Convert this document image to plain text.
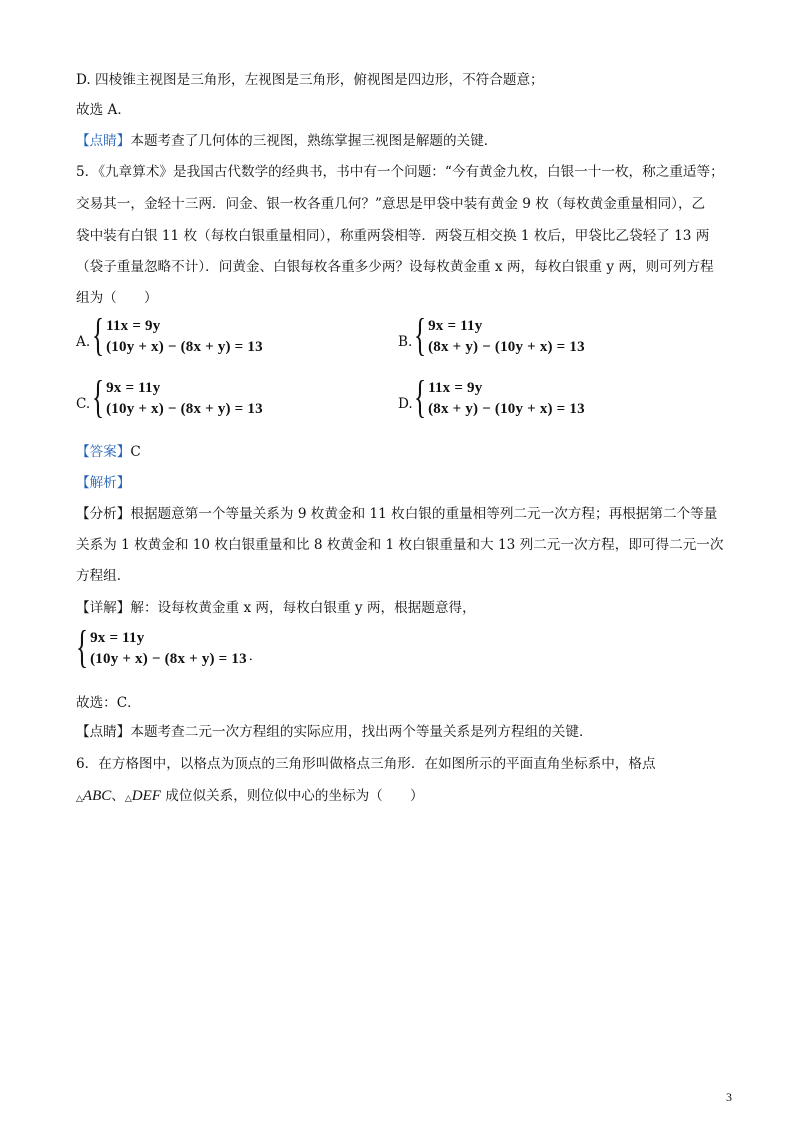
D. 四棱锥主视图是三角形，左视图是三角形，俯视图是四边形，不符合题意；
故选 A．
【点睛】本题考查了几何体的三视图，熟练掌握三视图是解题的关键．
5．《九章算术》是我国古代数学的经典书，书中有一个问题：“今有黄金九枚，白银一十一枚，称之重适等；
交易其一，金轻十三两．问金、银一枚各重几何？”意思是甲袋中装有黄金 9 枚（每枚黄金重量相同），乙
袋中装有白银 11 枚（每枚白银重量相同），称重两袋相等．两袋互相交换 1 枚后，甲袋比乙袋轻了 13 两
（袋子重量忽略不计）．问黄金、白银每枚各重多少两？设每枚黄金重 x 两，每枚白银重 y 两，则可列方程
组为（　　）
A. { 11x = 9y
(10y + x) − (8x + y) = 13	B. { 9x = 11y
(8x + y) − (10y + x) = 13
C. { 9x = 11y
(10y + x) − (8x + y) = 13	D. { 11x = 9y
(8x + y) − (10y + x) = 13
【答案】C
【解析】
【分析】根据题意第一个等量关系为 9 枚黄金和 11 枚白银的重量相等列二元一次方程；再根据第二个等量
关系为 1 枚黄金和 10 枚白银重量和比 8 枚黄金和 1 枚白银重量和大 13 列二元一次方程，即可得二元一次
方程组．
【详解】解：设每枚黄金重 x 两，每枚白银重 y 两，根据题意得，
{ 9x = 11y
(10y + x) − (8x + y) = 13 ．
故选：C．
【点睛】本题考查二元一次方程组的实际应用，找出两个等量关系是列方程组的关键．
6．在方格图中，以格点为顶点的三角形叫做格点三角形．在如图所示的平面直角坐标系中，格点
△ABC、△DEF 成位似关系，则位似中心的坐标为（　　）
3
